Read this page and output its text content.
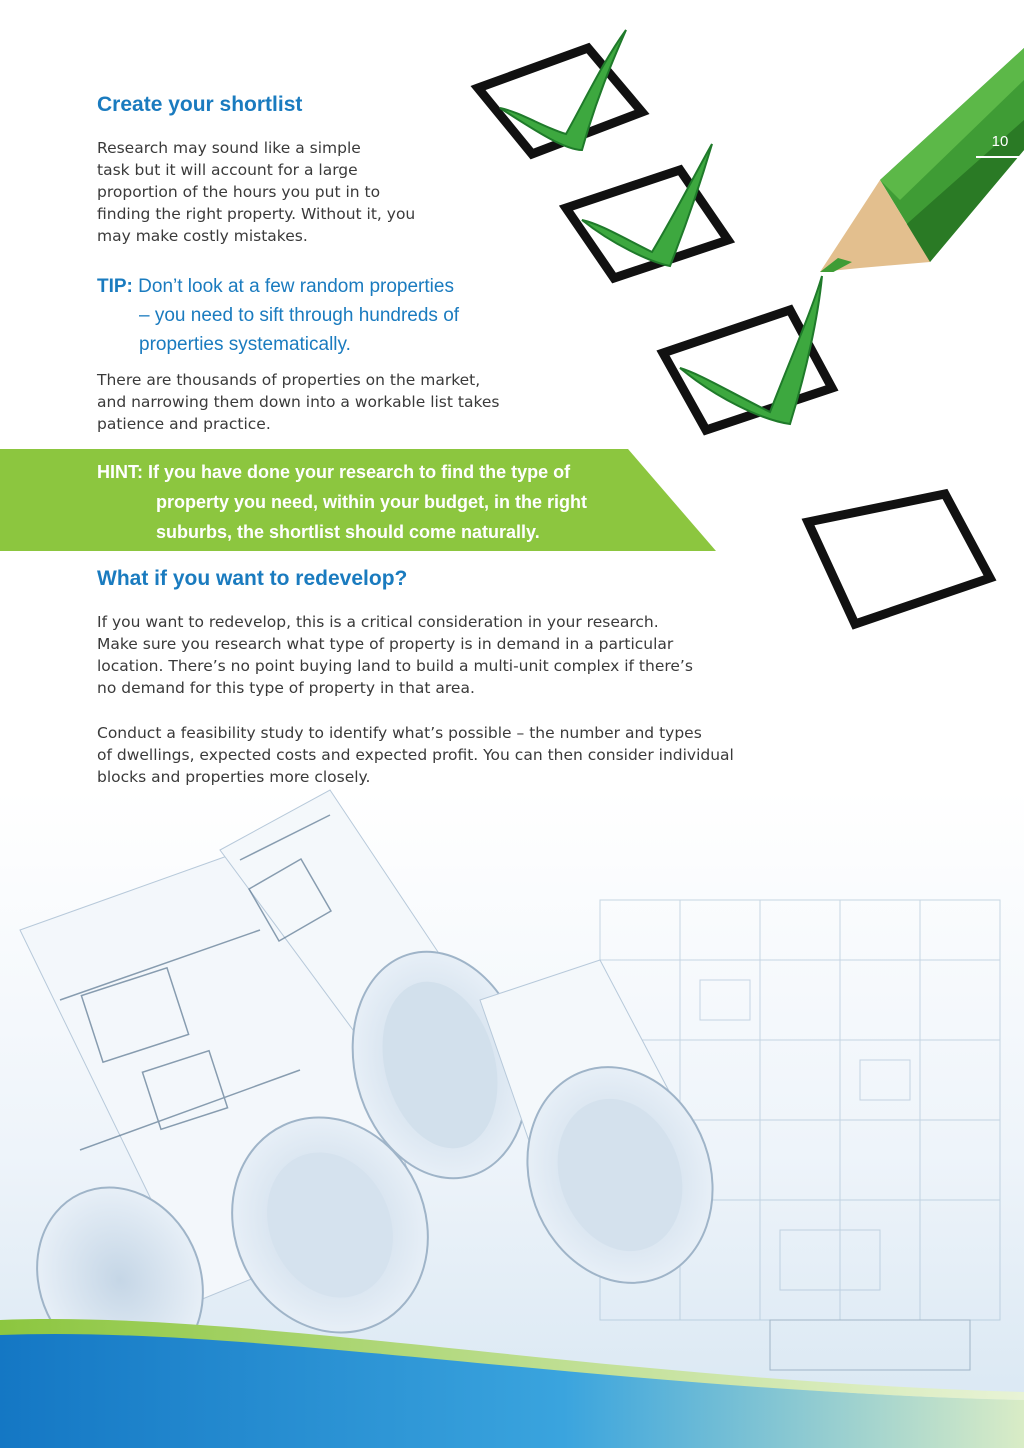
10
Create your shortlist

Research may sound like a simple
task but it will account for a large
proportion of the hours you put in to
finding the right property. Without it, you
may make costly mistakes.

TIP: Don’t look at a few random properties
– you need to sift through hundreds of
properties systematically.

There are thousands of properties on the market,
and narrowing them down into a workable list takes
patience and practice.

HINT: If you have done your research to find the type of
property you need, within your budget, in the right
suburbs, the shortlist should come naturally.
What if you want to redevelop?

If you want to redevelop, this is a critical consideration in your research.
Make sure you research what type of property is in demand in a particular
location. There’s no point buying land to build a multi-unit complex if there’s
no demand for this type of property in that area.

Conduct a feasibility study to identify what’s possible – the number and types
of dwellings, expected costs and expected profit. You can then consider individual
blocks and properties more closely.
